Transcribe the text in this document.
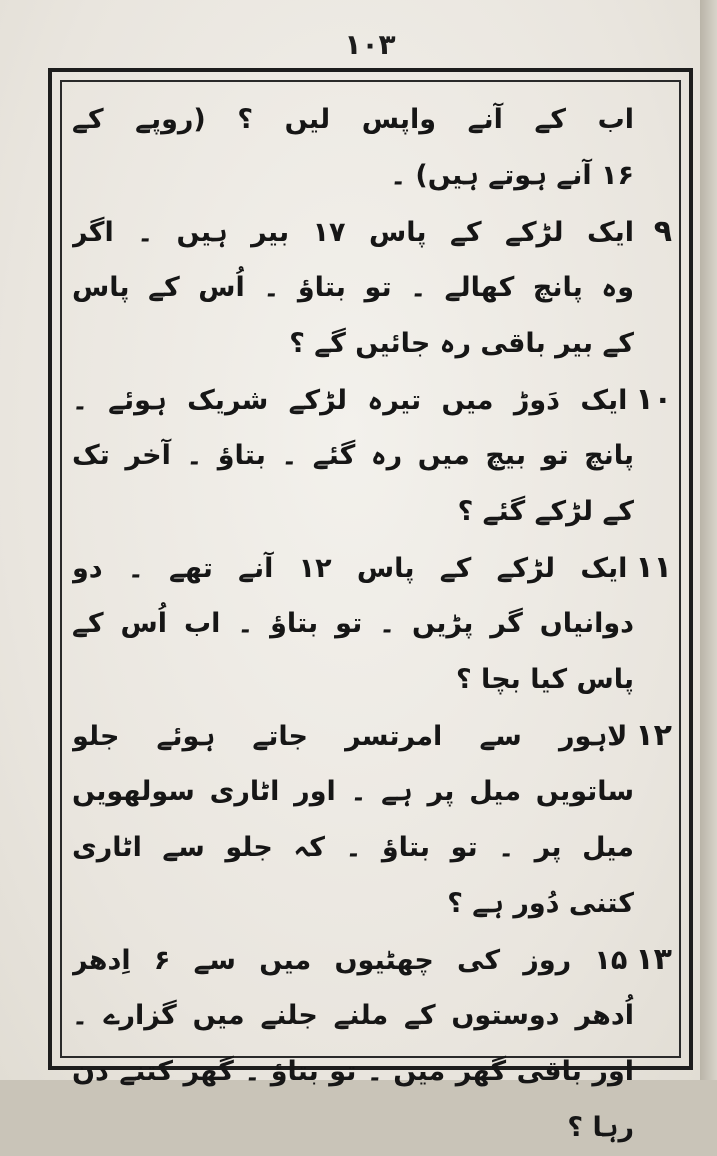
۱۰۳
اب کے آنے واپس لیں ؟ (روپے کے
۱۶ آنے ہوتے ہیں) ۔
۹ایک لڑکے کے پاس ۱۷ بیر ہیں ۔ اگر
وہ پانچ کھالے ۔ تو بتاؤ ۔ اُس کے پاس
کے بیر باقی رہ جائیں گے ؟
۱۰ایک دَوڑ میں تیرہ لڑکے شریک ہوئے ۔
پانچ تو بیچ میں رہ گئے ۔ بتاؤ ۔ آخر تک
کے لڑکے گئے ؟
۱۱ایک لڑکے کے پاس ۱۲ آنے تھے ۔ دو
دوانیاں گر پڑیں ۔ تو بتاؤ ۔ اب اُس کے
پاس کیا بچا ؟
۱۲لاہور سے امرتسر جاتے ہوئے جلو
ساتویں میل پر ہے ۔ اور اٹاری سولھویں
میل پر ۔ تو بتاؤ ۔ کہ جلو سے اٹاری
کتنی دُور ہے ؟
۱۳۱۵ روز کی چھٹیوں میں سے ۶ اِدھر
اُدھر دوستوں کے ملنے جلنے میں گزارے ۔
اور باقی گھر میں ۔ تو بتاؤ ۔ گھر کتنے دن
رہا ؟
